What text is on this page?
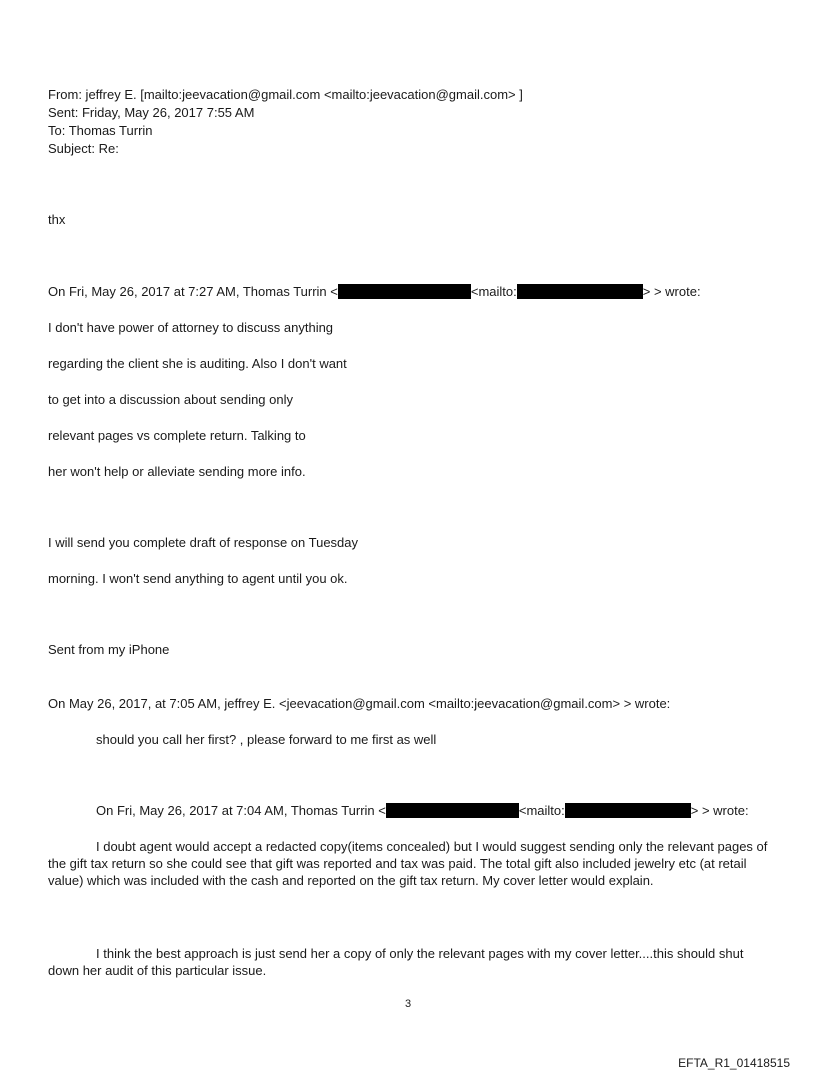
From: jeffrey E. [mailto:jeevacation@gmail.com <mailto:jeevacation@gmail.com> ]
Sent: Friday, May 26, 2017 7:55 AM
To: Thomas Turrin
Subject: Re:
thx
On Fri, May 26, 2017 at 7:27 AM, Thomas Turrin <	<mailto:	> > wrote:
I don't have power of attorney to discuss anything
regarding the client she is auditing. Also I don't want
to get into a discussion about sending only
relevant pages vs complete return. Talking to
her won't help or alleviate sending more info.
I will send you complete draft of response on Tuesday
morning. I won't send anything to agent until you ok.
Sent from my iPhone
On May 26, 2017, at 7:05 AM, jeffrey E. <jeevacation@gmail.com <mailto:jeevacation@gmail.com> > wrote:
should you call her first? , please forward to me first as well
On Fri, May 26, 2017 at 7:04 AM, Thomas Turrin <	<mailto:	> > wrote:
I doubt agent would accept a redacted copy(items concealed) but I would suggest sending only the relevant pages of the gift tax return so she could see that gift was reported and tax was paid. The total gift also included jewelry etc (at retail value) which was included with the cash and reported on the gift tax return. My cover letter would explain.
I think the best approach is just send her a copy of only the relevant pages with my cover letter....this should shut down her audit of this particular issue.
3
EFTA_R1_01418515
